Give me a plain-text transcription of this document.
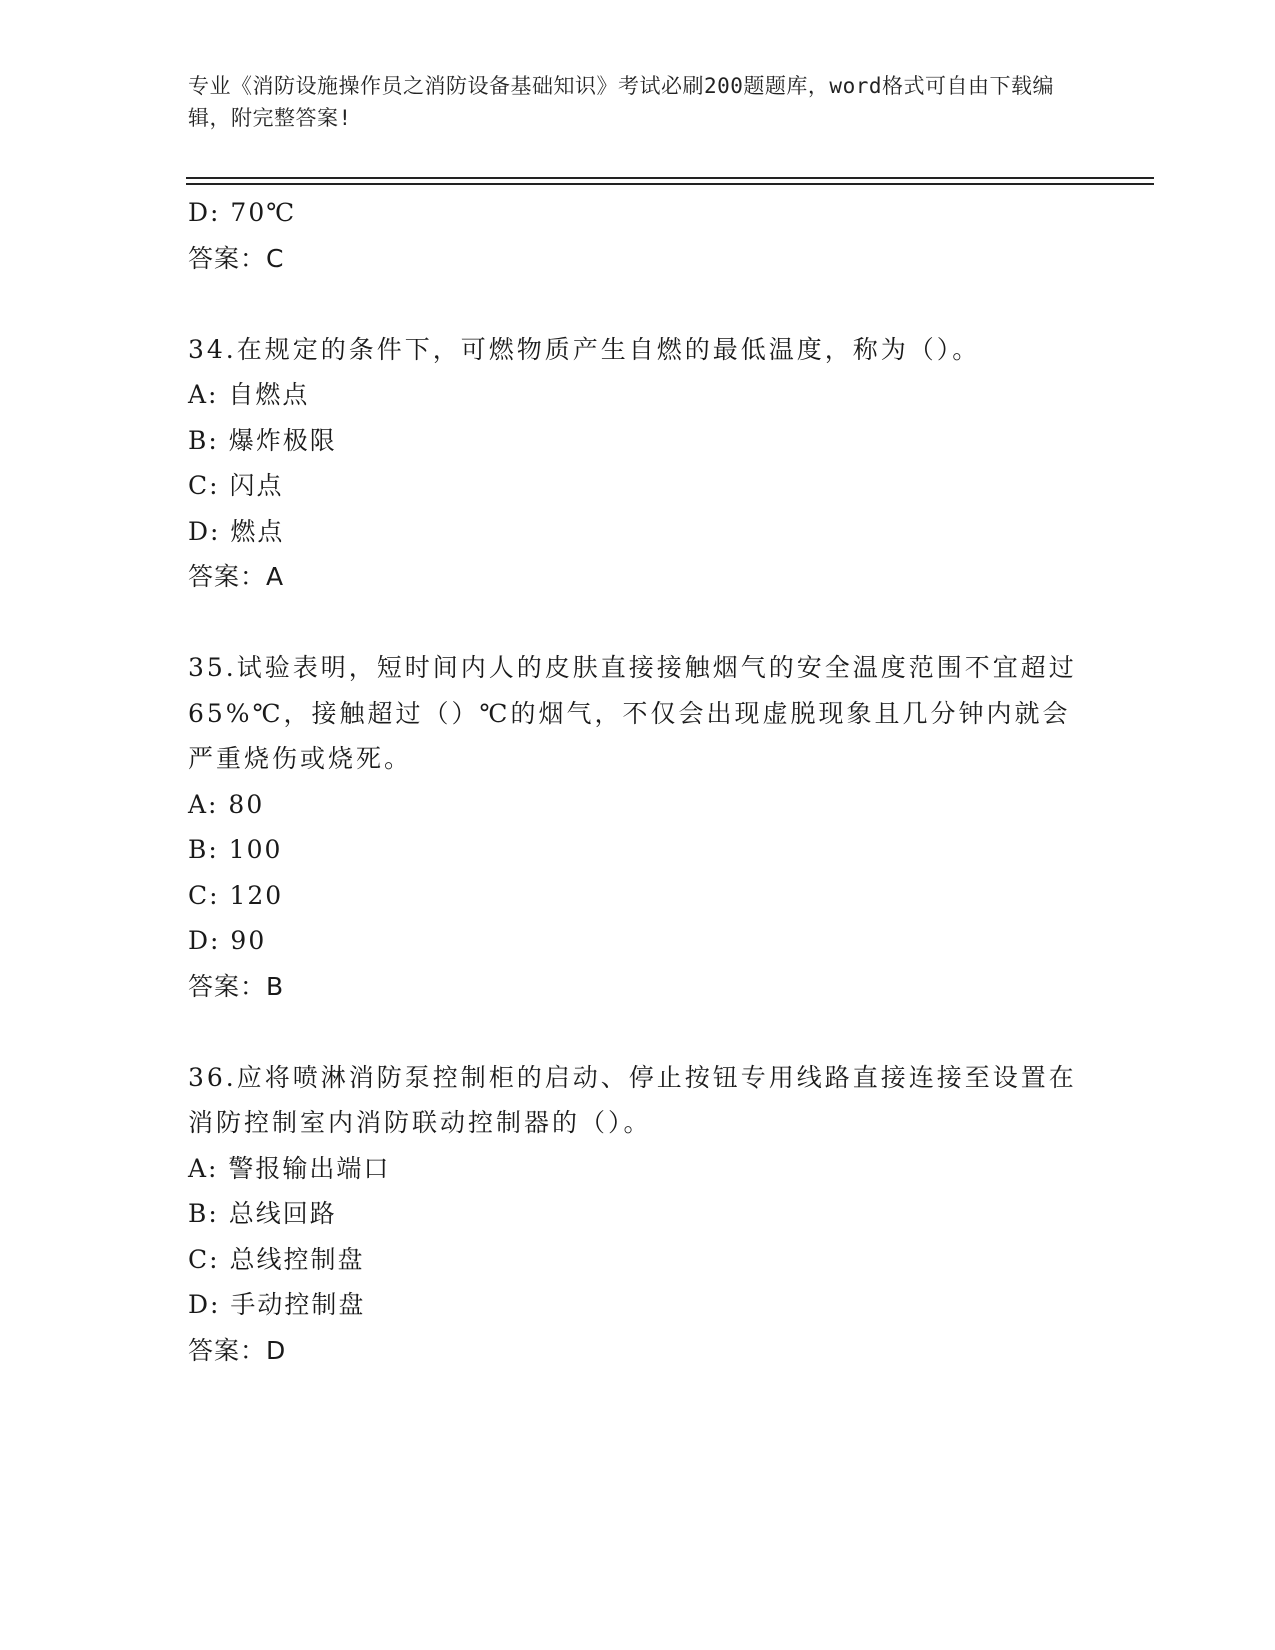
专业《消防设施操作员之消防设备基础知识》考试必刷200题题库，word格式可自由下载编辑，附完整答案!
D: 70℃
答案：C
34.在规定的条件下，可燃物质产生自燃的最低温度，称为（）。
A: 自燃点
B: 爆炸极限
C: 闪点
D: 燃点
答案：A
35.试验表明，短时间内人的皮肤直接接触烟气的安全温度范围不宜超过65%℃，接触超过（）℃的烟气，不仅会出现虚脱现象且几分钟内就会严重烧伤或烧死。
A: 80
B: 100
C: 120
D: 90
答案：B
36.应将喷淋消防泵控制柜的启动、停止按钮专用线路直接连接至设置在消防控制室内消防联动控制器的（）。
A: 警报输出端口
B: 总线回路
C: 总线控制盘
D: 手动控制盘
答案：D
